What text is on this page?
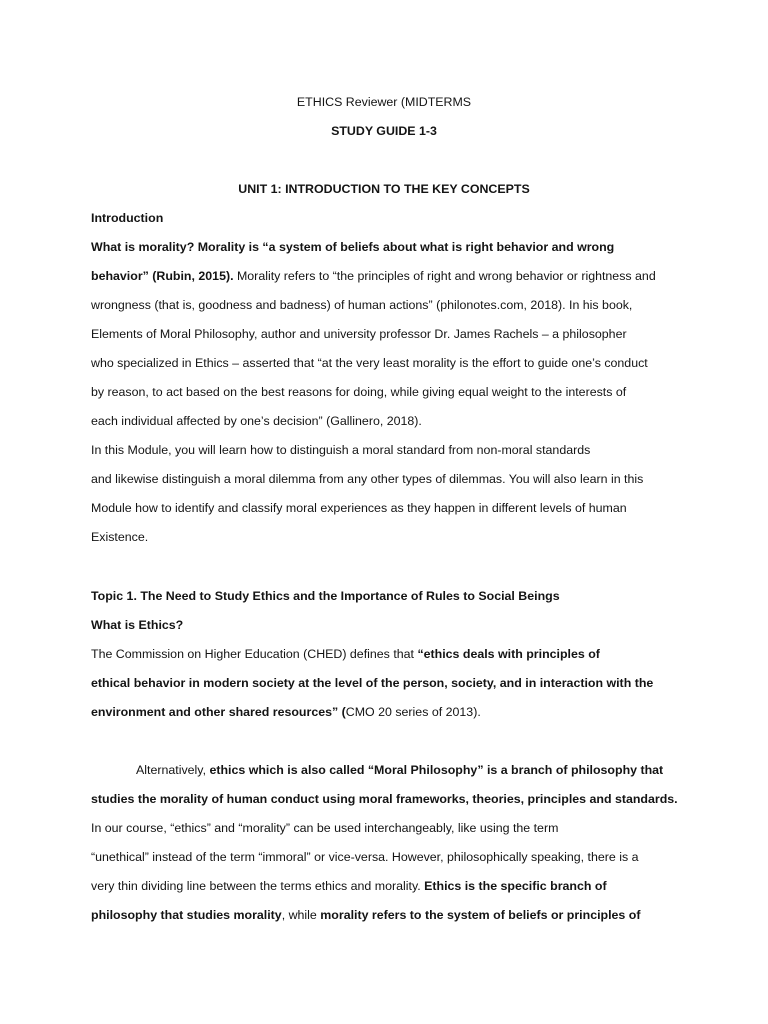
ETHICS Reviewer (MIDTERMS
STUDY GUIDE 1-3
UNIT 1: INTRODUCTION TO THE KEY CONCEPTS
Introduction
What is morality? Morality is “a system of beliefs about what is right behavior and wrong
behavior” (Rubin, 2015). Morality refers to “the principles of right and wrong behavior or rightness and
wrongness (that is, goodness and badness) of human actions” (philonotes.com, 2018). In his book,
Elements of Moral Philosophy, author and university professor Dr. James Rachels – a philosopher
who specialized in Ethics – asserted that “at the very least morality is the effort to guide one’s conduct
by reason, to act based on the best reasons for doing, while giving equal weight to the interests of
each individual affected by one’s decision” (Gallinero, 2018).
In this Module, you will learn how to distinguish a moral standard from non-moral standards
and likewise distinguish a moral dilemma from any other types of dilemmas. You will also learn in this
Module how to identify and classify moral experiences as they happen in different levels of human
Existence.
Topic 1. The Need to Study Ethics and the Importance of Rules to Social Beings
What is Ethics?
The Commission on Higher Education (CHED) defines that “ethics deals with principles of
ethical behavior in modern society at the level of the person, society, and in interaction with the
environment and other shared resources” (CMO 20 series of 2013).
Alternatively, ethics which is also called “Moral Philosophy” is a branch of philosophy that
studies the morality of human conduct using moral frameworks, theories, principles and standards.
In our course, “ethics” and “morality” can be used interchangeably, like using the term
“unethical” instead of the term “immoral” or vice-versa. However, philosophically speaking, there is a
very thin dividing line between the terms ethics and morality. Ethics is the specific branch of
philosophy that studies morality, while morality refers to the system of beliefs or principles of
